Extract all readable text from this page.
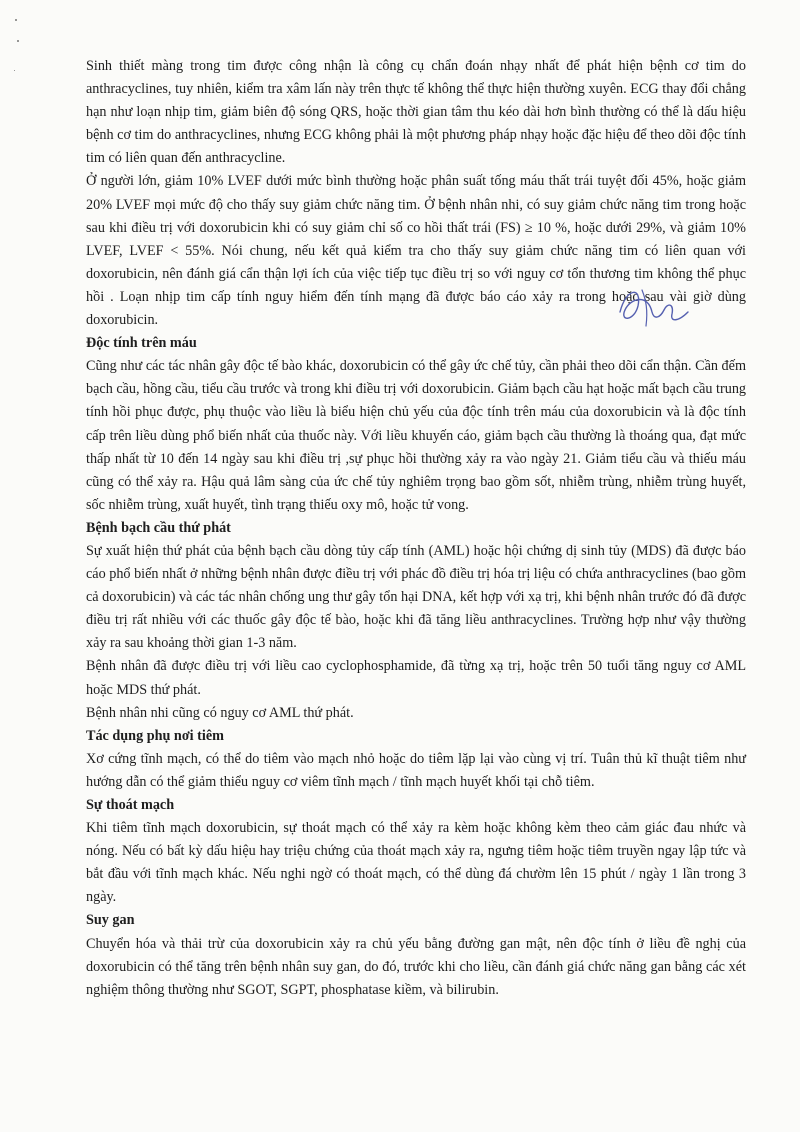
Sinh thiết màng trong tim được công nhận là công cụ chẩn đoán nhạy nhất để phát hiện bệnh cơ tim do anthracyclines, tuy nhiên, kiểm tra xâm lấn này trên thực tế không thể thực hiện thường xuyên. ECG thay đổi chẳng hạn như loạn nhịp tim, giảm biên độ sóng QRS, hoặc thời gian tâm thu kéo dài hơn bình thường có thể là dấu hiệu bệnh cơ tim do anthracyclines, nhưng ECG không phải là một phương pháp nhạy hoặc đặc hiệu để theo dõi độc tính tim có liên quan đến anthracycline.

Ở người lớn, giảm 10% LVEF dưới mức bình thường hoặc phân suất tống máu thất trái tuyệt đối 45%, hoặc giảm 20% LVEF mọi mức độ cho thấy suy giảm chức năng tim. Ở bệnh nhân nhi, có suy giảm chức năng tim trong hoặc sau khi điều trị với doxorubicin khi có suy giảm chỉ số co hồi thất trái (FS) ≥ 10 %, hoặc dưới 29%, và giảm 10% LVEF, LVEF < 55%. Nói chung, nếu kết quả kiểm tra cho thấy suy giảm chức năng tim có liên quan với doxorubicin, nên đánh giá cẩn thận lợi ích của việc tiếp tục điều trị so với nguy cơ tổn thương tim không thể phục hồi . Loạn nhịp tim cấp tính nguy hiểm đến tính mạng đã được báo cáo xảy ra trong hoặc sau vài giờ dùng doxorubicin.

Độc tính trên máu

Cũng như các tác nhân gây độc tế bào khác, doxorubicin có thể gây ức chế tủy, cần phải theo dõi cẩn thận. Cần đếm bạch cầu, hồng cầu, tiểu cầu trước và trong khi điều trị với doxorubicin. Giảm bạch cầu hạt hoặc mất bạch cầu trung tính hồi phục được, phụ thuộc vào liều là biểu hiện chủ yếu của độc tính trên máu của doxorubicin và là độc tính cấp trên liều dùng phổ biến nhất của thuốc này. Với liều khuyến cáo, giảm bạch cầu thường là thoáng qua, đạt mức thấp nhất từ 10 đến 14 ngày sau khi điều trị ,sự phục hồi thường xảy ra vào ngày 21. Giảm tiểu cầu và thiếu máu cũng có thể xảy ra. Hậu quả lâm sàng của ức chế tủy nghiêm trọng bao gồm sốt, nhiễm trùng, nhiễm trùng huyết, sốc nhiễm trùng, xuất huyết, tình trạng thiếu oxy mô, hoặc tử vong.

Bệnh bạch cầu thứ phát

Sự xuất hiện thứ phát của bệnh bạch cầu dòng tủy cấp tính (AML) hoặc hội chứng dị sinh tủy (MDS) đã được báo cáo phổ biến nhất ở những bệnh nhân được điều trị với phác đồ điều trị hóa trị liệu có chứa anthracyclines (bao gồm cả doxorubicin) và các tác nhân chống ung thư gây tổn hại DNA, kết hợp với xạ trị, khi bệnh nhân trước đó đã được điều trị rất nhiều với các thuốc gây độc tế bào, hoặc khi đã tăng liều anthracyclines. Trường hợp như vậy thường xảy ra sau khoảng thời gian 1-3 năm.

Bệnh nhân đã được điều trị với liều cao cyclophosphamide, đã từng xạ trị, hoặc trên 50 tuổi tăng nguy cơ AML hoặc MDS thứ phát.

Bệnh nhân nhi cũng có nguy cơ AML thứ phát.

Tác dụng phụ nơi tiêm

Xơ cứng tĩnh mạch, có thể do tiêm vào mạch nhỏ hoặc do tiêm lặp lại vào cùng vị trí. Tuân thủ kĩ thuật tiêm như hướng dẫn có thể giảm thiểu nguy cơ viêm tĩnh mạch / tĩnh mạch huyết khối tại chỗ tiêm.

Sự thoát mạch

Khi tiêm tĩnh mạch doxorubicin, sự thoát mạch có thể xảy ra kèm hoặc không kèm theo cảm giác đau nhức và nóng. Nếu có bất kỳ dấu hiệu hay triệu chứng của thoát mạch xảy ra, ngưng tiêm hoặc tiêm truyền ngay lập tức và bắt đầu với tĩnh mạch khác. Nếu nghi ngờ có thoát mạch, có thể dùng đá chườm lên 15 phút / ngày 1 lần trong 3 ngày.

Suy gan

Chuyển hóa và thải trừ của doxorubicin xảy ra chủ yếu bằng đường gan mật, nên độc tính ở liều đề nghị của doxorubicin có thể tăng trên bệnh nhân suy gan, do đó, trước khi cho liều, cần đánh giá chức năng gan bằng các xét nghiệm thông thường như SGOT, SGPT, phosphatase kiềm, và bilirubin.
